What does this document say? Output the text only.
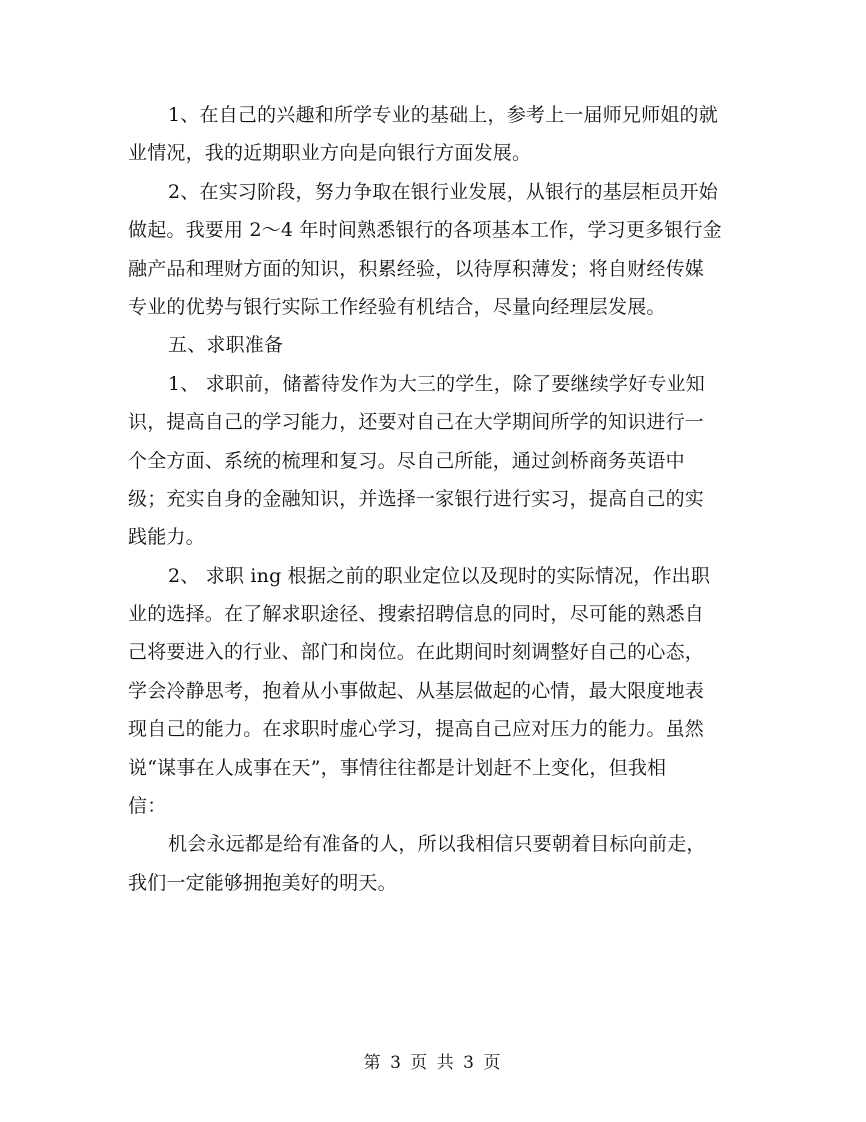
1、在自己的兴趣和所学专业的基础上，参考上一届师兄师姐的就
业情况，我的近期职业方向是向银行方面发展。
2、在实习阶段，努力争取在银行业发展，从银行的基层柜员开始
做起。我要用 2～4 年时间熟悉银行的各项基本工作，学习更多银行金
融产品和理财方面的知识，积累经验，以待厚积薄发；将自财经传媒
专业的优势与银行实际工作经验有机结合，尽量向经理层发展。
五、求职准备
1、 求职前，储蓄待发作为大三的学生，除了要继续学好专业知
识，提高自己的学习能力，还要对自己在大学期间所学的知识进行一
个全方面、系统的梳理和复习。尽自己所能，通过剑桥商务英语中
级；充实自身的金融知识，并选择一家银行进行实习，提高自己的实
践能力。
2、 求职 ing 根据之前的职业定位以及现时的实际情况，作出职
业的选择。在了解求职途径、搜索招聘信息的同时，尽可能的熟悉自
己将要进入的行业、部门和岗位。在此期间时刻调整好自己的心态，
学会冷静思考，抱着从小事做起、从基层做起的心情，最大限度地表
现自己的能力。在求职时虚心学习，提高自己应对压力的能力。虽然
说“谋事在人成事在天”，事情往往都是计划赶不上变化，但我相
信：
机会永远都是给有准备的人，所以我相信只要朝着目标向前走，
我们一定能够拥抱美好的明天。
第 3 页 共 3 页
